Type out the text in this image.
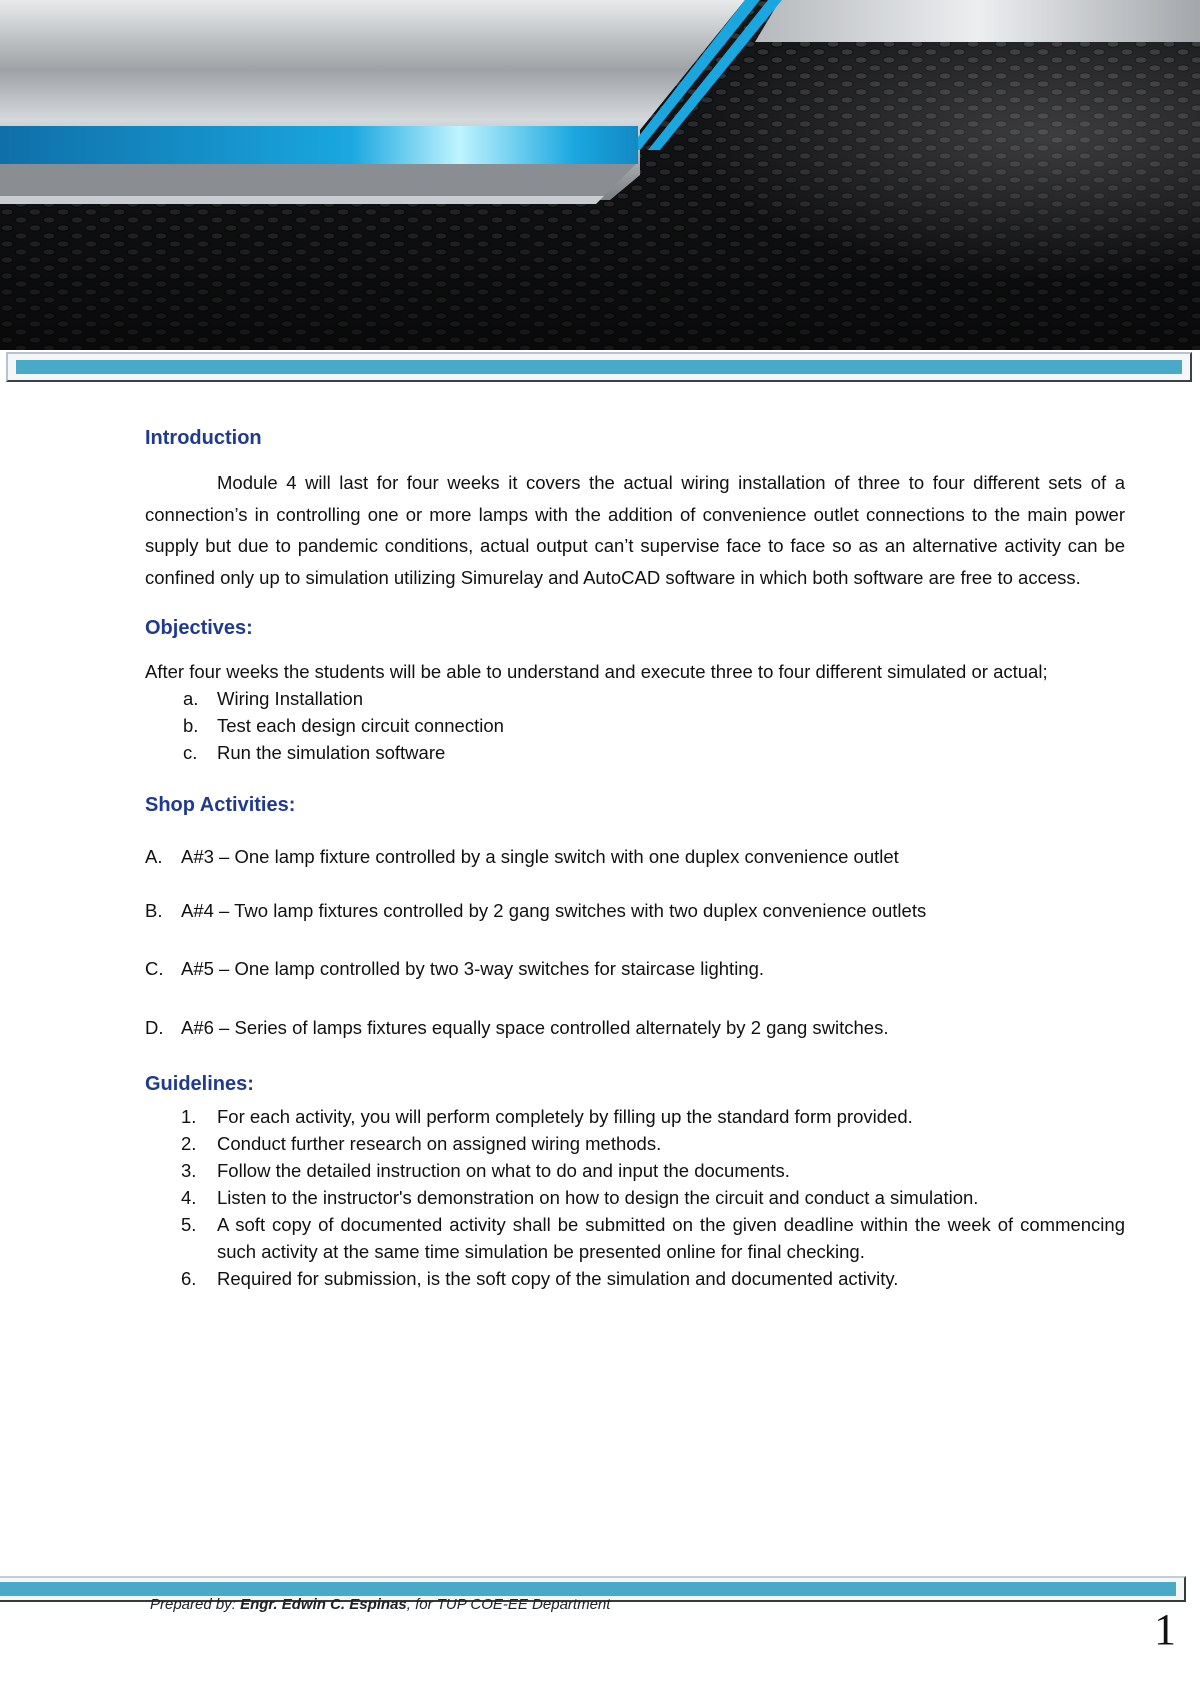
Introduction

Module 4 will last for four weeks it covers the actual wiring installation of three to four different sets of a connection’s in controlling one or more lamps with the addition of convenience outlet connections to the main power supply but due to pandemic conditions, actual output can’t supervise face to face so as an alternative activity can be confined only up to simulation utilizing Simurelay and AutoCAD software in which both software are free to access.

Objectives:

After four weeks the students will be able to understand and execute three to four different simulated or actual;

a. Wiring Installation
b. Test each design circuit connection
c. Run the simulation software
Shop Activities:
A. A#3 – One lamp fixture controlled by a single switch with one duplex convenience outlet
B. A#4 – Two lamp fixtures controlled by 2 gang switches with two duplex convenience outlets
C. A#5 – One lamp controlled by two 3-way switches for staircase lighting.
D. A#6 – Series of lamps fixtures equally space controlled alternately by 2 gang switches.
Guidelines:
1. For each activity, you will perform completely by filling up the standard form provided.
2. Conduct further research on assigned wiring methods.
3. Follow the detailed instruction on what to do and input the documents.
4. Listen to the instructor's demonstration on how to design the circuit and conduct a simulation.
5. A soft copy of documented activity shall be submitted on the given deadline within the week of commencing such activity at the same time simulation be presented online for final checking.
6. Required for submission, is the soft copy of the simulation and documented activity.
Prepared by: Engr. Edwin C. Espinas, for TUP COE-EE Department
1
